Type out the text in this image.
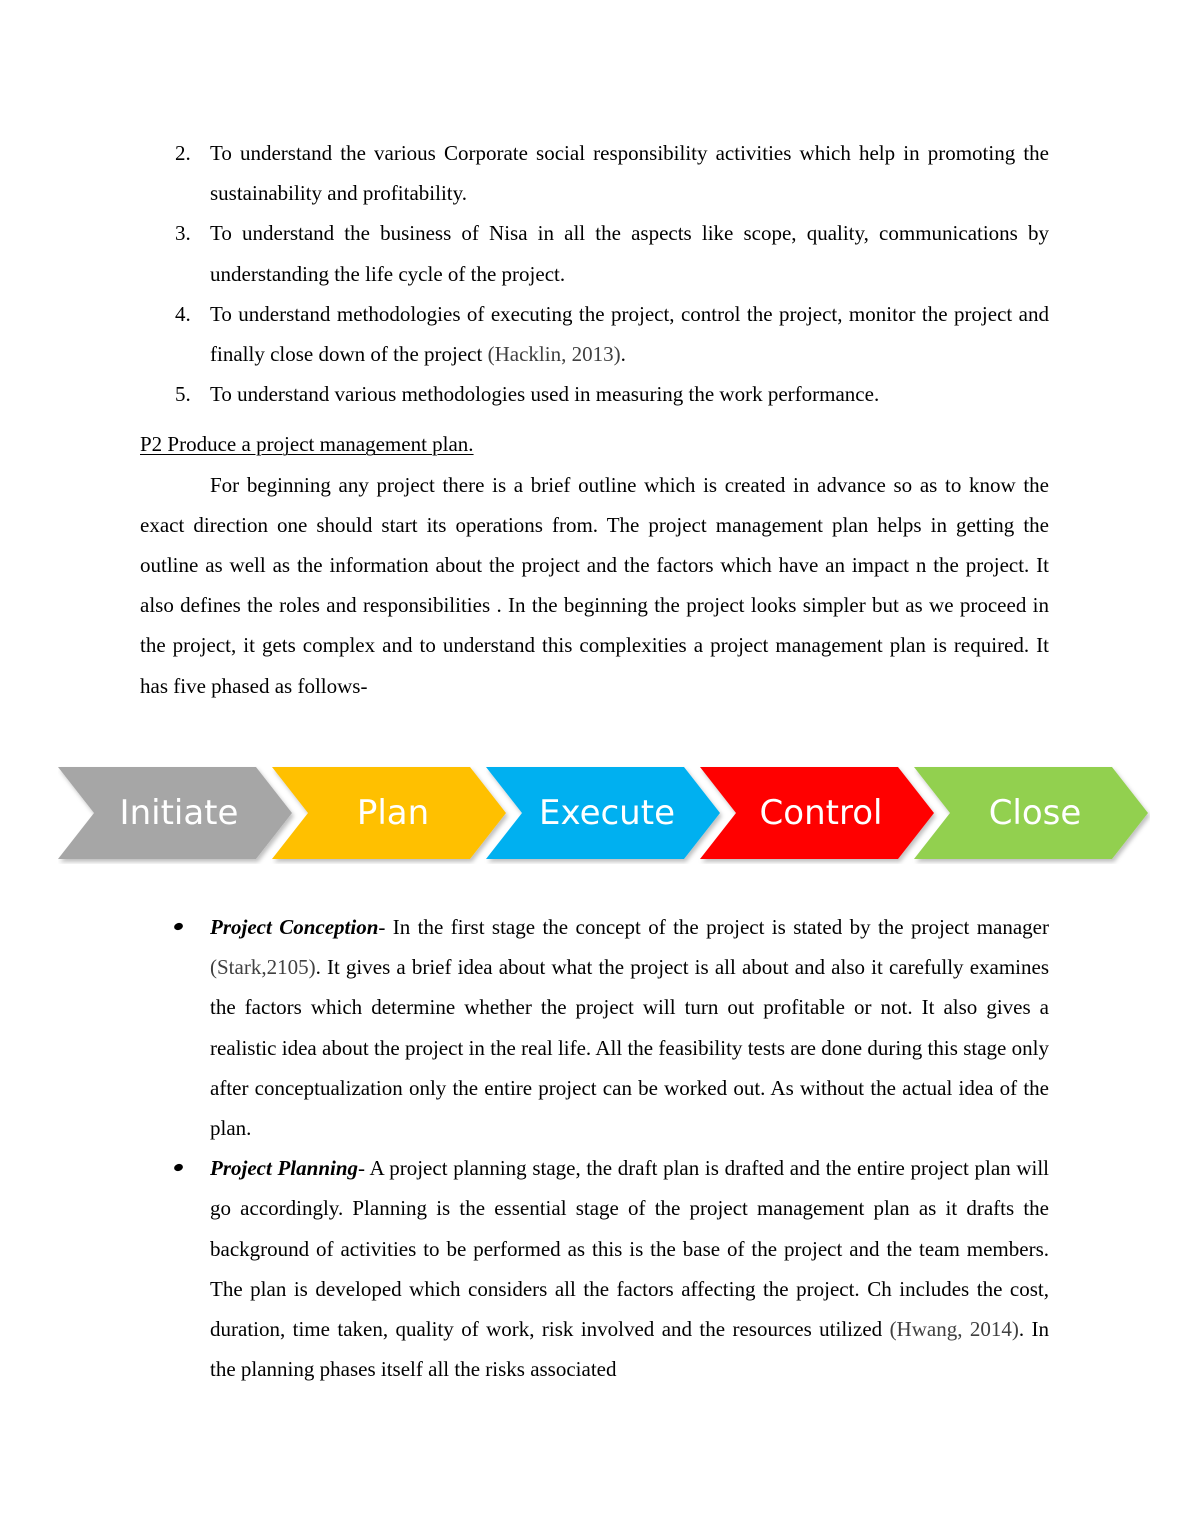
2. To understand the various Corporate social responsibility activities which help in promoting the sustainability and profitability.
3. To understand the business of Nisa in all the aspects like scope, quality, communications by understanding the life cycle of the project.
4. To understand methodologies of executing the project, control the project, monitor the project and finally close down of the project (Hacklin, 2013).
5. To understand various methodologies used in measuring the work performance.

P2 Produce a project management plan.

For beginning any project there is a brief outline which is created in advance so as to know the exact direction one should start its operations from. The project management plan helps in getting the outline as well as the information about the project and the factors which have an impact n the project. It also defines the roles and responsibilities . In the beginning the project looks simpler but as we proceed in the project, it gets complex and to understand this complexities a project management plan is required. It has five phased as follows-

Initiate	Plan	Execute Control	Close
Project Conception- In the first stage the concept of the project is stated by the project manager (Stark,2105). It gives a brief idea about what the project is all about and also it carefully examines the factors which determine whether the project will turn out profitable or not. It also gives a realistic idea about the project in the real life. All the feasibility tests are done during this stage only after conceptualization only the entire project can be worked out. As without the actual idea of the plan.
Project Planning- A project planning stage, the draft plan is drafted and the entire project plan will go accordingly. Planning is the essential stage of the project management plan as it drafts the background of activities to be performed as this is the base of the project and the team members. The plan is developed which considers all the factors affecting the project. Ch includes the cost, duration, time taken, quality of work, risk involved and the resources utilized (Hwang, 2014). In the planning phases itself all the risks associated
